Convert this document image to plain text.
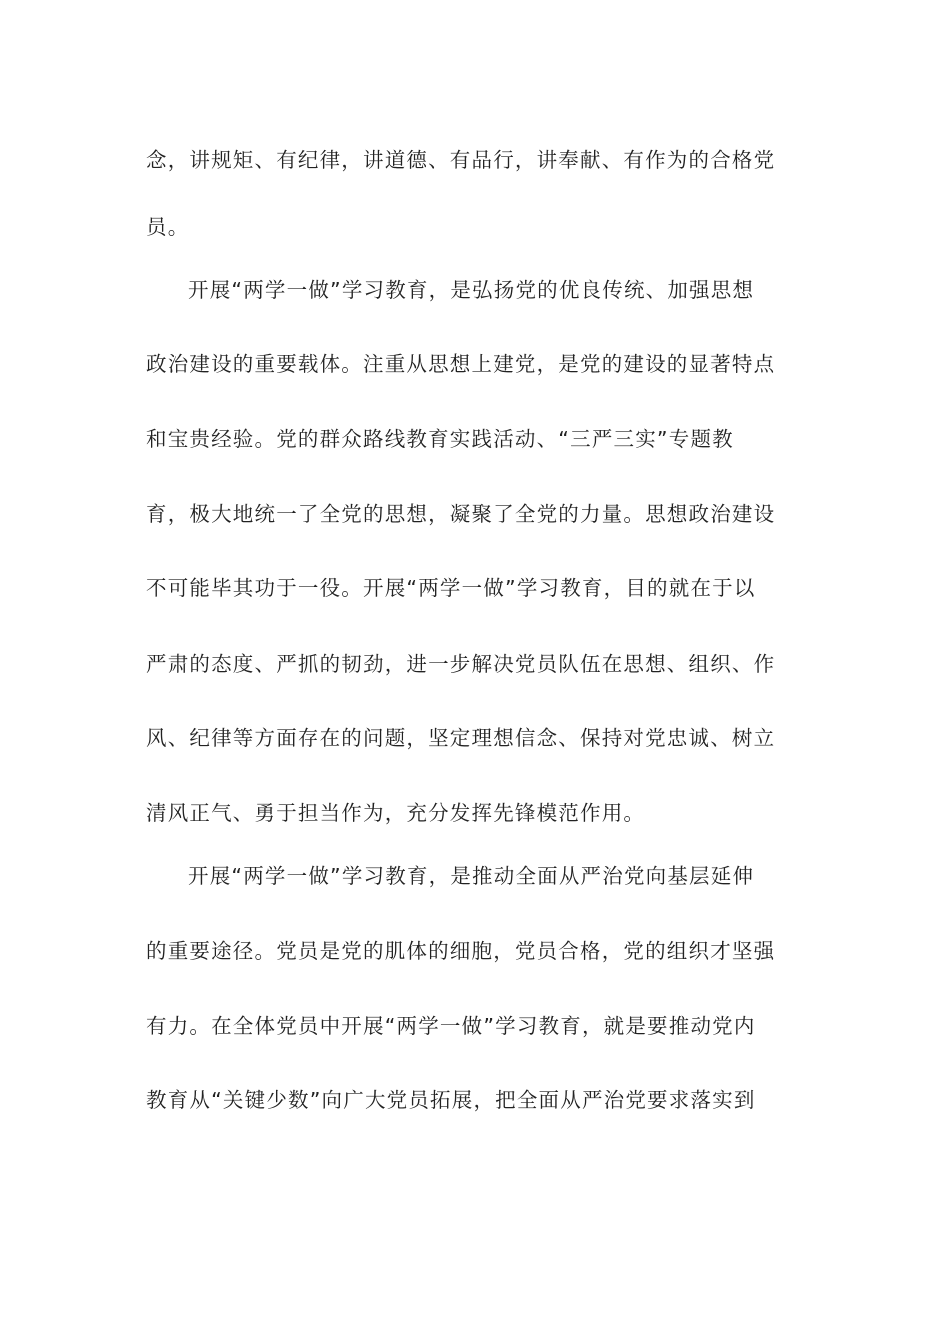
念，讲规矩、有纪律，讲道德、有品行，讲奉献、有作为的合格党
员。
开展“两学一做”学习教育，是弘扬党的优良传统、加强思想
政治建设的重要载体。注重从思想上建党，是党的建设的显著特点
和宝贵经验。党的群众路线教育实践活动、“三严三实”专题教
育，极大地统一了全党的思想，凝聚了全党的力量。思想政治建设
不可能毕其功于一役。开展“两学一做”学习教育，目的就在于以
严肃的态度、严抓的韧劲，进一步解决党员队伍在思想、组织、作
风、纪律等方面存在的问题，坚定理想信念、保持对党忠诚、树立
清风正气、勇于担当作为，充分发挥先锋模范作用。
开展“两学一做”学习教育，是推动全面从严治党向基层延伸
的重要途径。党员是党的肌体的细胞，党员合格，党的组织才坚强
有力。在全体党员中开展“两学一做”学习教育，就是要推动党内
教育从“关键少数”向广大党员拓展，把全面从严治党要求落实到
